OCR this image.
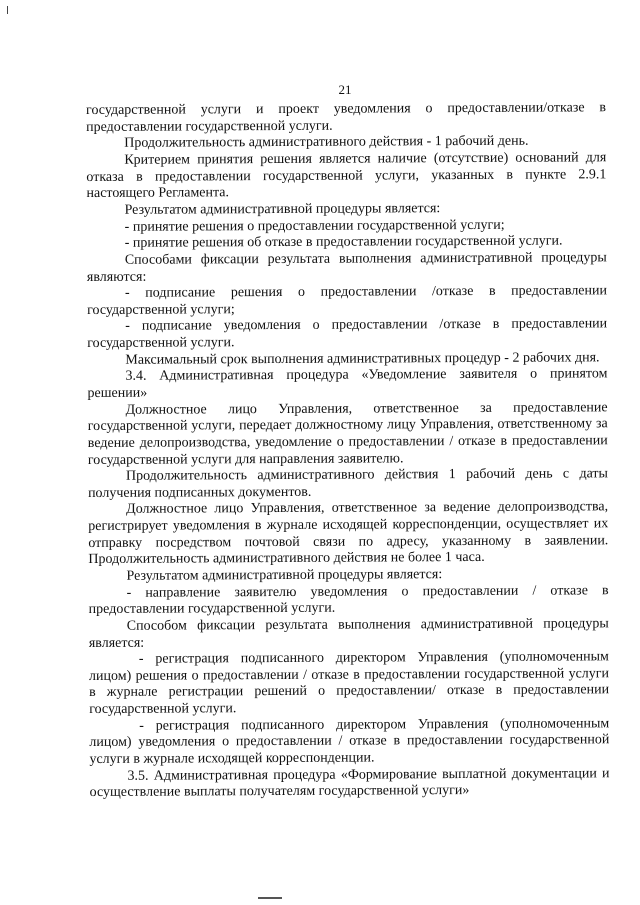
21

государственной услуги и проект уведомления о предоставлении/отказе в предоставлении государственной услуги.

Продолжительность административного действия - 1 рабочий день.

Критерием принятия решения является наличие (отсутствие) оснований для отказа в предоставлении государственной услуги, указанных в пункте 2.9.1 настоящего Регламента.

Результатом административной процедуры является:

- принятие решения о предоставлении государственной услуги;

- принятие решения об отказе в предоставлении государственной услуги.

Способами фиксации результата выполнения административной процедуры являются:

- подписание решения о предоставлении /отказе в предоставлении государственной услуги;

- подписание уведомления о предоставлении /отказе в предоставлении государственной услуги.

Максимальный срок выполнения административных процедур - 2 рабочих дня.

3.4. Административная процедура «Уведомление заявителя о принятом решении»

Должностное лицо Управления, ответственное за предоставление государственной услуги, передает должностному лицу Управления, ответственному за ведение делопроизводства, уведомление о предоставлении / отказе в предоставлении государственной услуги для направления заявителю.

Продолжительность административного действия 1 рабочий день с даты получения подписанных документов.

Должностное лицо Управления, ответственное за ведение делопроизводства, регистрирует уведомления в журнале исходящей корреспонденции, осуществляет их отправку посредством почтовой связи по адресу, указанному в заявлении. Продолжительность административного действия не более 1 часа.

Результатом административной процедуры является:

- направление заявителю уведомления о предоставлении / отказе в предоставлении государственной услуги.

Способом фиксации результата выполнения административной процедуры является:

- регистрация подписанного директором Управления (уполномоченным лицом) решения о предоставлении / отказе в предоставлении государственной услуги в журнале регистрации решений о предоставлении/ отказе в предоставлении государственной услуги.

- регистрация подписанного директором Управления (уполномоченным лицом) уведомления о предоставлении / отказе в предоставлении государственной услуги в журнале исходящей корреспонденции.

3.5. Административная процедура «Формирование выплатной документации и осуществление выплаты получателям государственной услуги»
